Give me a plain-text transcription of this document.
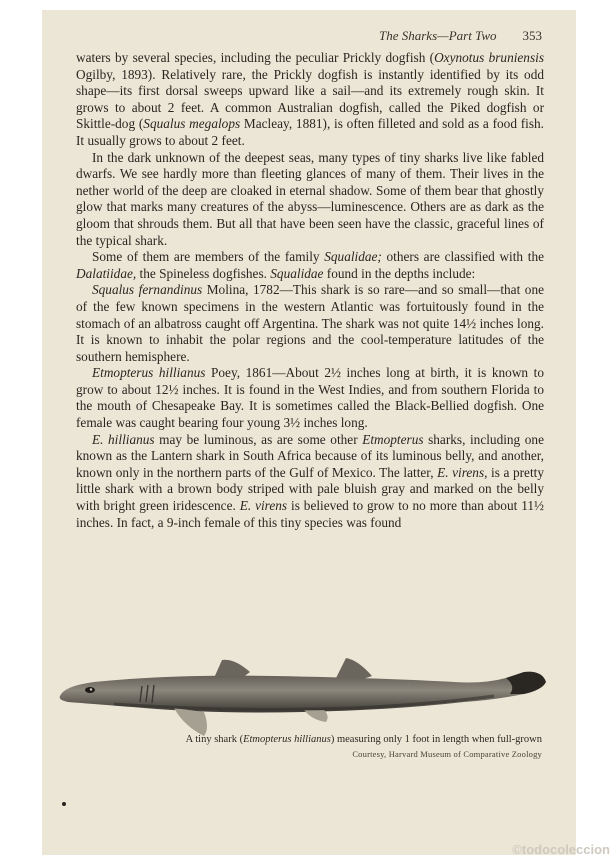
The Sharks—Part Two 353

waters by several species, including the peculiar Prickly dogfish (Oxynotus bruniensis Ogilby, 1893). Relatively rare, the Prickly dogfish is instantly identified by its odd shape—its first dorsal sweeps upward like a sail—and its extremely rough skin. It grows to about 2 feet. A common Australian dogfish, called the Piked dogfish or Skittle-dog (Squalus megalops Macleay, 1881), is often filleted and sold as a food fish. It usually grows to about 2 feet.

In the dark unknown of the deepest seas, many types of tiny sharks live like fabled dwarfs. We see hardly more than fleeting glances of many of them. Their lives in the nether world of the deep are cloaked in eternal shadow. Some of them bear that ghostly glow that marks many creatures of the abyss—luminescence. Others are as dark as the gloom that shrouds them. But all that have been seen have the classic, graceful lines of the typical shark.

Some of them are members of the family Squalidae; others are classified with the Dalatiidae, the Spineless dogfishes. Squalidae found in the depths include:

Squalus fernandinus Molina, 1782—This shark is so rare—and so small—that one of the few known specimens in the western Atlantic was fortuitously found in the stomach of an albatross caught off Argentina. The shark was not quite 14½ inches long. It is known to inhabit the polar regions and the cool-temperature latitudes of the southern hemisphere.

Etmopterus hillianus Poey, 1861—About 2½ inches long at birth, it is known to grow to about 12½ inches. It is found in the West Indies, and from southern Florida to the mouth of Chesapeake Bay. It is sometimes called the Black-Bellied dogfish. One female was caught bearing four young 3½ inches long.

E. hillianus may be luminous, as are some other Etmopterus sharks, including one known as the Lantern shark in South Africa because of its luminous belly, and another, known only in the northern parts of the Gulf of Mexico. The latter, E. virens, is a pretty little shark with a brown body striped with pale bluish gray and marked on the belly with bright green iridescence. E. virens is believed to grow to no more than about 11½ inches. In fact, a 9-inch female of this tiny species was found

A tiny shark (Etmopterus hillianus) measuring only 1 foot in length when full-grown
Courtesy, Harvard Museum of Comparative Zoology
©todocoleccion
